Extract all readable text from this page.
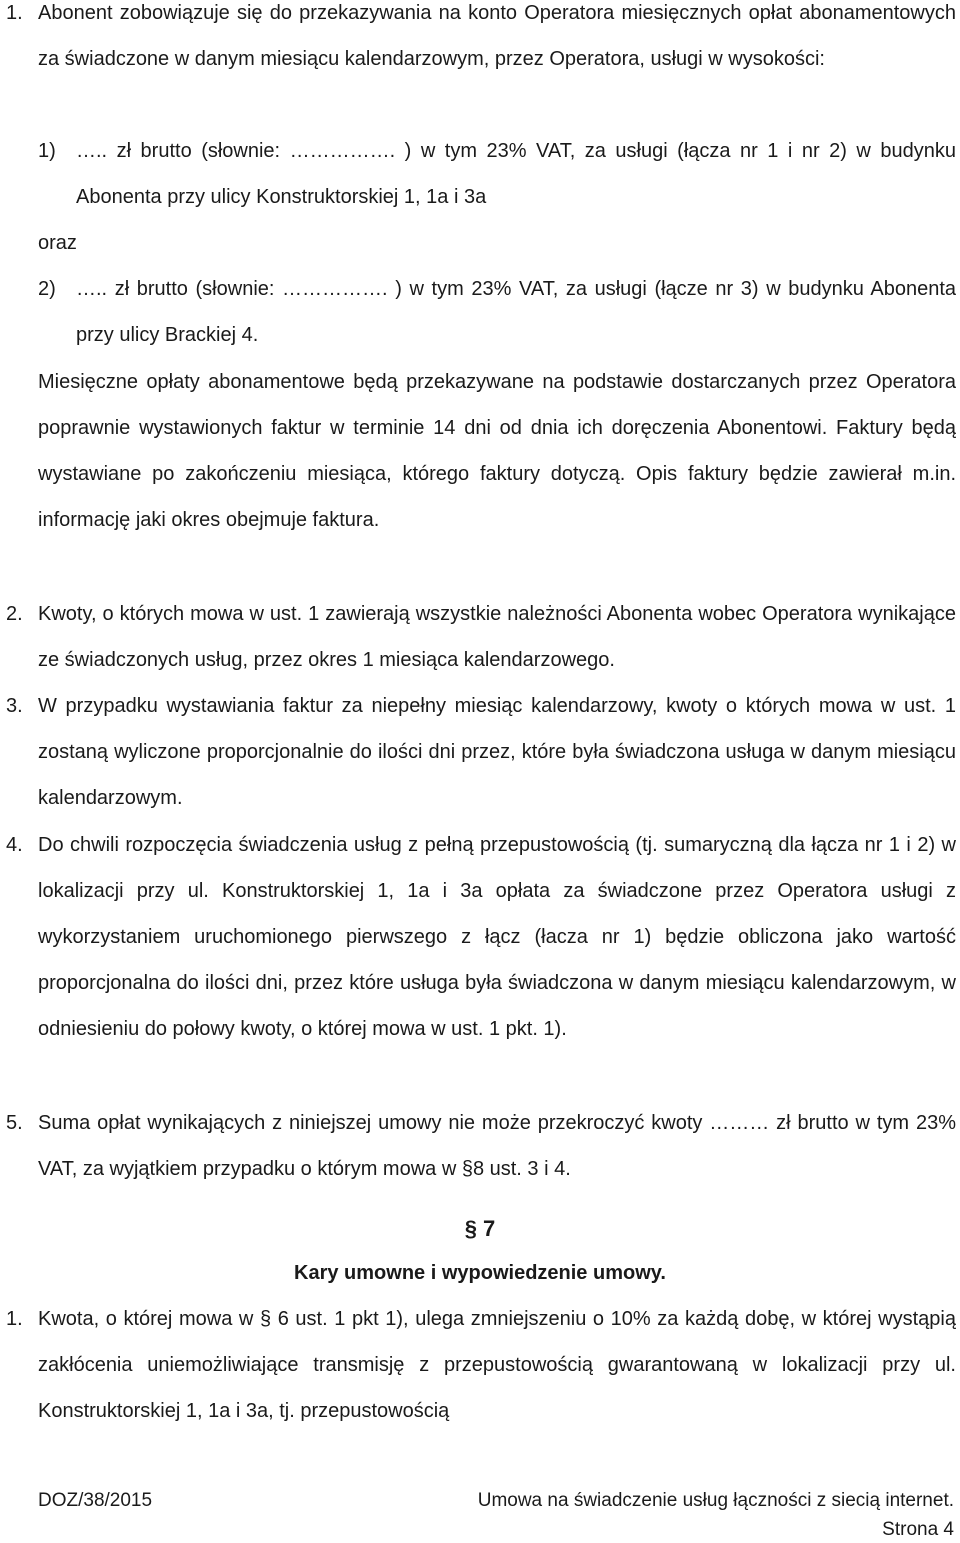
1. Abonent zobowiązuje się do przekazywania na konto Operatora miesięcznych opłat abonamentowych za świadczone w danym miesiącu kalendarzowym, przez Operatora, usługi w wysokości:

1) ….. zł brutto (słownie: ……………. ) w tym 23% VAT, za usługi (łącza nr 1 i nr 2) w budynku Abonenta przy ulicy Konstruktorskiej 1, 1a i 3a
oraz
2) ….. zł brutto (słownie: ……………. ) w tym 23% VAT, za usługi (łącze nr 3) w budynku Abonenta przy ulicy Brackiej 4.

Miesięczne opłaty abonamentowe będą przekazywane na podstawie dostarczanych przez Operatora poprawnie wystawionych faktur w terminie 14 dni od dnia ich doręczenia Abonentowi. Faktury będą wystawiane po zakończeniu miesiąca, którego faktury dotyczą. Opis faktury będzie zawierał m.in. informację jaki okres obejmuje faktura.

2. Kwoty, o których mowa w ust. 1 zawierają wszystkie należności Abonenta wobec Operatora wynikające ze świadczonych usług, przez okres 1 miesiąca kalendarzowego.

3. W przypadku wystawiania faktur za niepełny miesiąc kalendarzowy, kwoty o których mowa w ust. 1 zostaną wyliczone proporcjonalnie do ilości dni przez, które była świadczona usługa w danym miesiącu kalendarzowym.

4. Do chwili rozpoczęcia świadczenia usług z pełną przepustowością (tj. sumaryczną dla łącza nr 1 i 2) w lokalizacji przy ul. Konstruktorskiej 1, 1a i 3a opłata za świadczone przez Operatora usługi z wykorzystaniem uruchomionego pierwszego z łącz (łacza nr 1) będzie obliczona jako wartość proporcjonalna do ilości dni, przez które usługa była świadczona w danym miesiącu kalendarzowym, w odniesieniu do połowy kwoty, o której mowa w ust. 1 pkt. 1).

5. Suma opłat wynikających z niniejszej umowy nie może przekroczyć kwoty ……… zł brutto w tym 23% VAT, za wyjątkiem przypadku o którym mowa w §8 ust. 3 i 4.

§ 7
Kary umowne i wypowiedzenie umowy.
1. Kwota, o której mowa w § 6 ust. 1 pkt 1), ulega zmniejszeniu o 10% za każdą dobę, w której wystąpią zakłócenia uniemożliwiające transmisję z przepustowością gwarantowaną w lokalizacji przy ul. Konstruktorskiej 1, 1a i 3a, tj. przepustowością

DOZ/38/2015	Umowa na świadczenie usług łączności z siecią internet.
Strona 4
